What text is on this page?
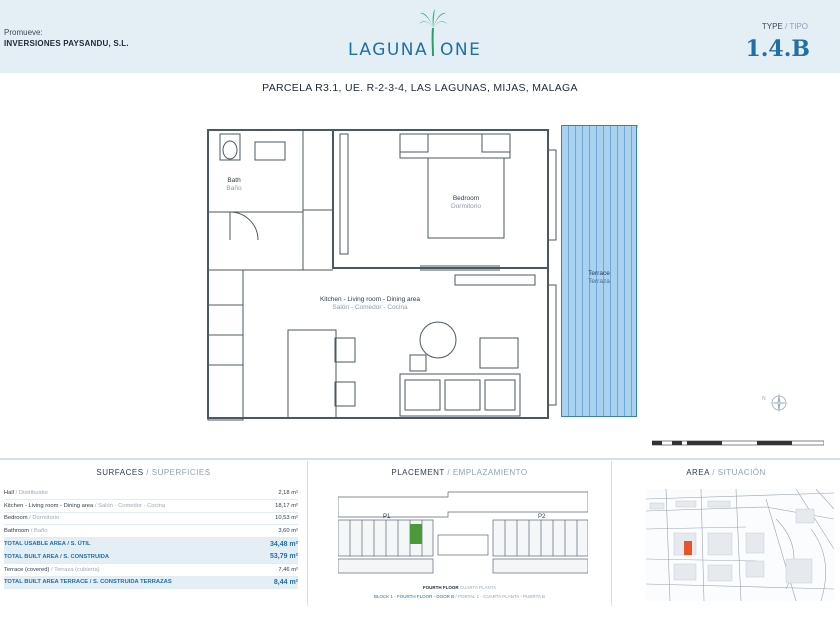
Promueve:
INVERSIONES PAYSANDU, S.L.	LAGUNA ONE
TYPE / TIPO
1.4.B
PARCELA R3.1, UE. R-2-3-4, LAS LAGUNAS, MIJAS, MALAGA
Bath
Baño
Bedroom
Dormitorio
Kitchen - Living room - Dining area
Salón - Comedor - Cocina
Terrace
Terraza
N
SURFACES / SUPERFICIES
Hall / Distribuidor	2,18 m²
Kitchen - Living room - Dining area / Salón - Comedor - Cocina	18,17 m²
Bedroom / Dormitorio	10,53 m²
Bathroom / Baño	3,60 m²
TOTAL USABLE AREA / S. ÚTIL	34,48 m²
TOTAL BUILT AREA / S. CONSTRUIDA	53,79 m²
Terrace (covered) / Terraza (cubierta)	7,46 m²
TOTAL BUILT AREA TERRACE / S. CONSTRUIDA TERRAZAS	8,44 m²
PLACEMENT / EMPLAZAMIENTO
P1	P2
FOURTH FLOOR CUARTA PLANTA
BLOCK 1 - FOURTH FLOOR - DOOR B / PORTAL 1 - CUARTA PLANTA - PUERTA B
AREA / SITUACIÓN
